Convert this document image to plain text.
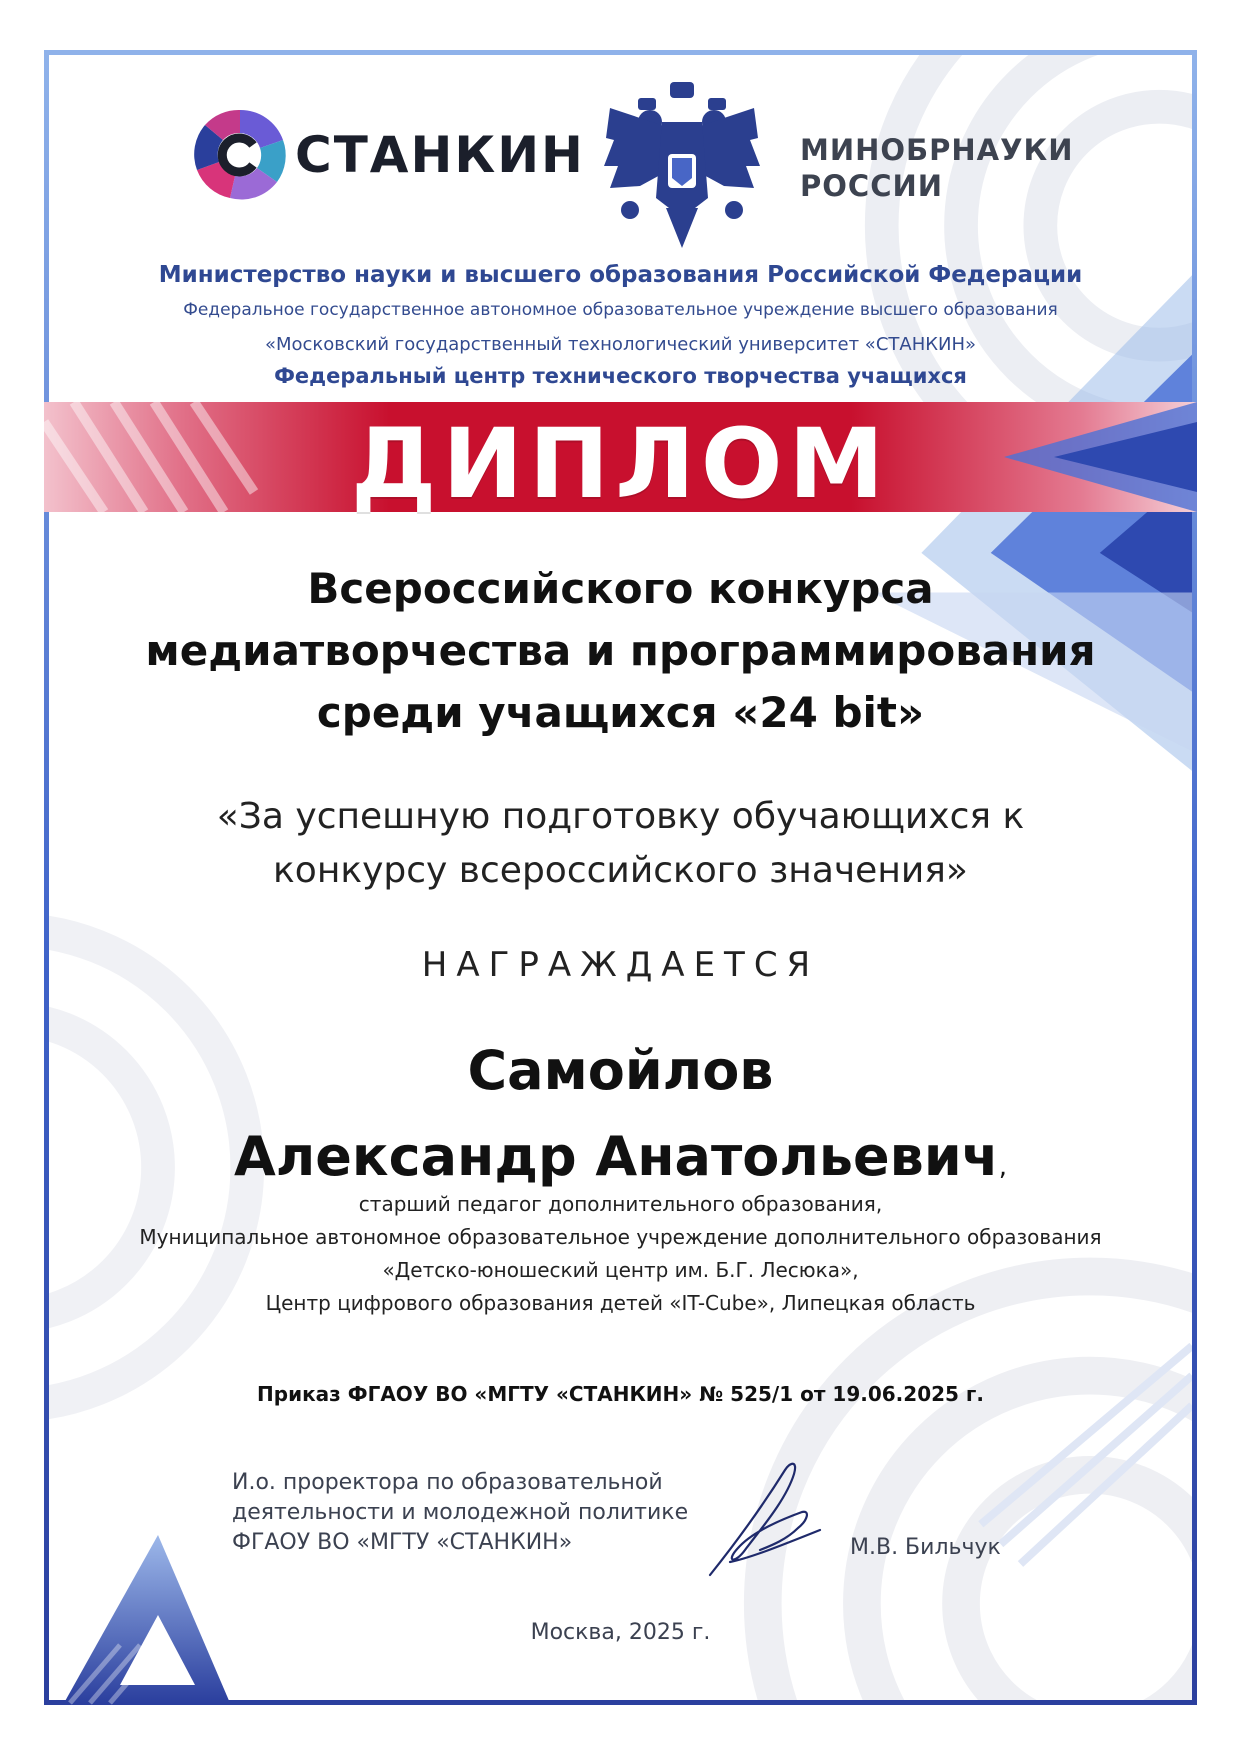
СТАНКИН	МИНОБРНАУКИ
РОССИИ
Министерство науки и высшего образования Российской Федерации
Федеральное государственное автономное образовательное учреждение высшего образования
«Московский государственный технологический университет «СТАНКИН»
Федеральный центр технического творчества учащихся
ДИПЛОМ
Всероссийского конкурса
медиатворчества и программирования
среди учащихся «24 bit»
«За успешную подготовку обучающихся к
конкурсу всероссийского значения»
НАГРАЖДАЕТСЯ
Самойлов
Александр Анатольевич,
старший педагог дополнительного образования,
Муниципальное автономное образовательное учреждение дополнительного образования
«Детско-юношеский центр им. Б.Г. Лесюка»,
Центр цифрового образования детей «IT-Cube», Липецкая область
Приказ ФГАОУ ВО «МГТУ «СТАНКИН» № 525/1 от 19.06.2025 г.
И.о. проректора по образовательной
деятельности и молодежной политике
ФГАОУ ВО «МГТУ «СТАНКИН»	М.В. Бильчук
Москва, 2025 г.
